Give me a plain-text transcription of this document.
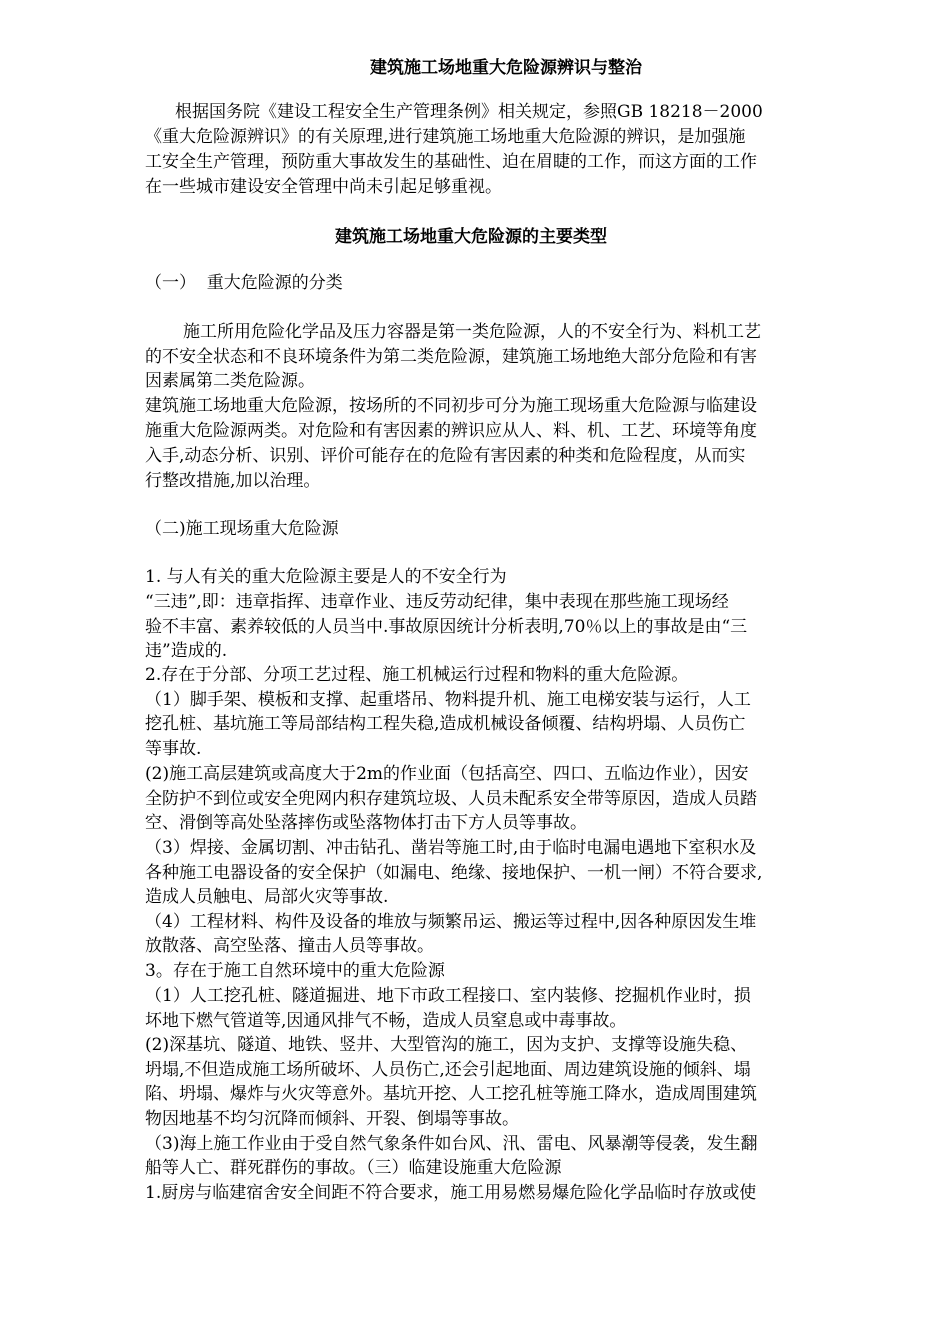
建筑施工场地重大危险源辨识与整治
根据国务院《建设工程安全生产管理条例》相关规定，参照GB 18218－2000
《重大危险源辨识》的有关原理,进行建筑施工场地重大危险源的辨识，是加强施
工安全生产管理，预防重大事故发生的基础性、迫在眉睫的工作，而这方面的工作
在一些城市建设安全管理中尚未引起足够重视。
建筑施工场地重大危险源的主要类型
（一）  重大危险源的分类
施工所用危险化学品及压力容器是第一类危险源，人的不安全行为、料机工艺
的不安全状态和不良环境条件为第二类危险源，建筑施工场地绝大部分危险和有害
因素属第二类危险源。
建筑施工场地重大危险源，按场所的不同初步可分为施工现场重大危险源与临建设
施重大危险源两类。对危险和有害因素的辨识应从人、料、机、工艺、环境等角度
入手,动态分析、识别、评价可能存在的危险有害因素的种类和危险程度，从而实
行整改措施,加以治理。
（二)施工现场重大危险源
1. 与人有关的重大危险源主要是人的不安全行为
“三违”,即：违章指挥、违章作业、违反劳动纪律，集中表现在那些施工现场经
验不丰富、素养较低的人员当中.事故原因统计分析表明,70％以上的事故是由“三
违”造成的.
2.存在于分部、分项工艺过程、施工机械运行过程和物料的重大危险源。
（1）脚手架、模板和支撑、起重塔吊、物料提升机、施工电梯安装与运行，人工
挖孔桩、基坑施工等局部结构工程失稳,造成机械设备倾覆、结构坍塌、人员伤亡
等事故.
(2)施工高层建筑或高度大于2m的作业面（包括高空、四口、五临边作业），因安
全防护不到位或安全兜网内积存建筑垃圾、人员未配系安全带等原因，造成人员踏
空、滑倒等高处坠落摔伤或坠落物体打击下方人员等事故。
（3）焊接、金属切割、冲击钻孔、凿岩等施工时,由于临时电漏电遇地下室积水及
各种施工电器设备的安全保护（如漏电、绝缘、接地保护、一机一闸）不符合要求,
造成人员触电、局部火灾等事故.
（4）工程材料、构件及设备的堆放与频繁吊运、搬运等过程中,因各种原因发生堆
放散落、高空坠落、撞击人员等事故。
3。存在于施工自然环境中的重大危险源
（1）人工挖孔桩、隧道掘进、地下市政工程接口、室内装修、挖掘机作业时，损
坏地下燃气管道等,因通风排气不畅，造成人员窒息或中毒事故。
(2)深基坑、隧道、地铁、竖井、大型管沟的施工，因为支护、支撑等设施失稳、
坍塌,不但造成施工场所破坏、人员伤亡,还会引起地面、周边建筑设施的倾斜、塌
陷、坍塌、爆炸与火灾等意外。基坑开挖、人工挖孔桩等施工降水，造成周围建筑
物因地基不均匀沉降而倾斜、开裂、倒塌等事故。
（3)海上施工作业由于受自然气象条件如台风、汛、雷电、风暴潮等侵袭，发生翻
船等人亡、群死群伤的事故。（三）临建设施重大危险源
1.厨房与临建宿舍安全间距不符合要求，施工用易燃易爆危险化学品临时存放或使
